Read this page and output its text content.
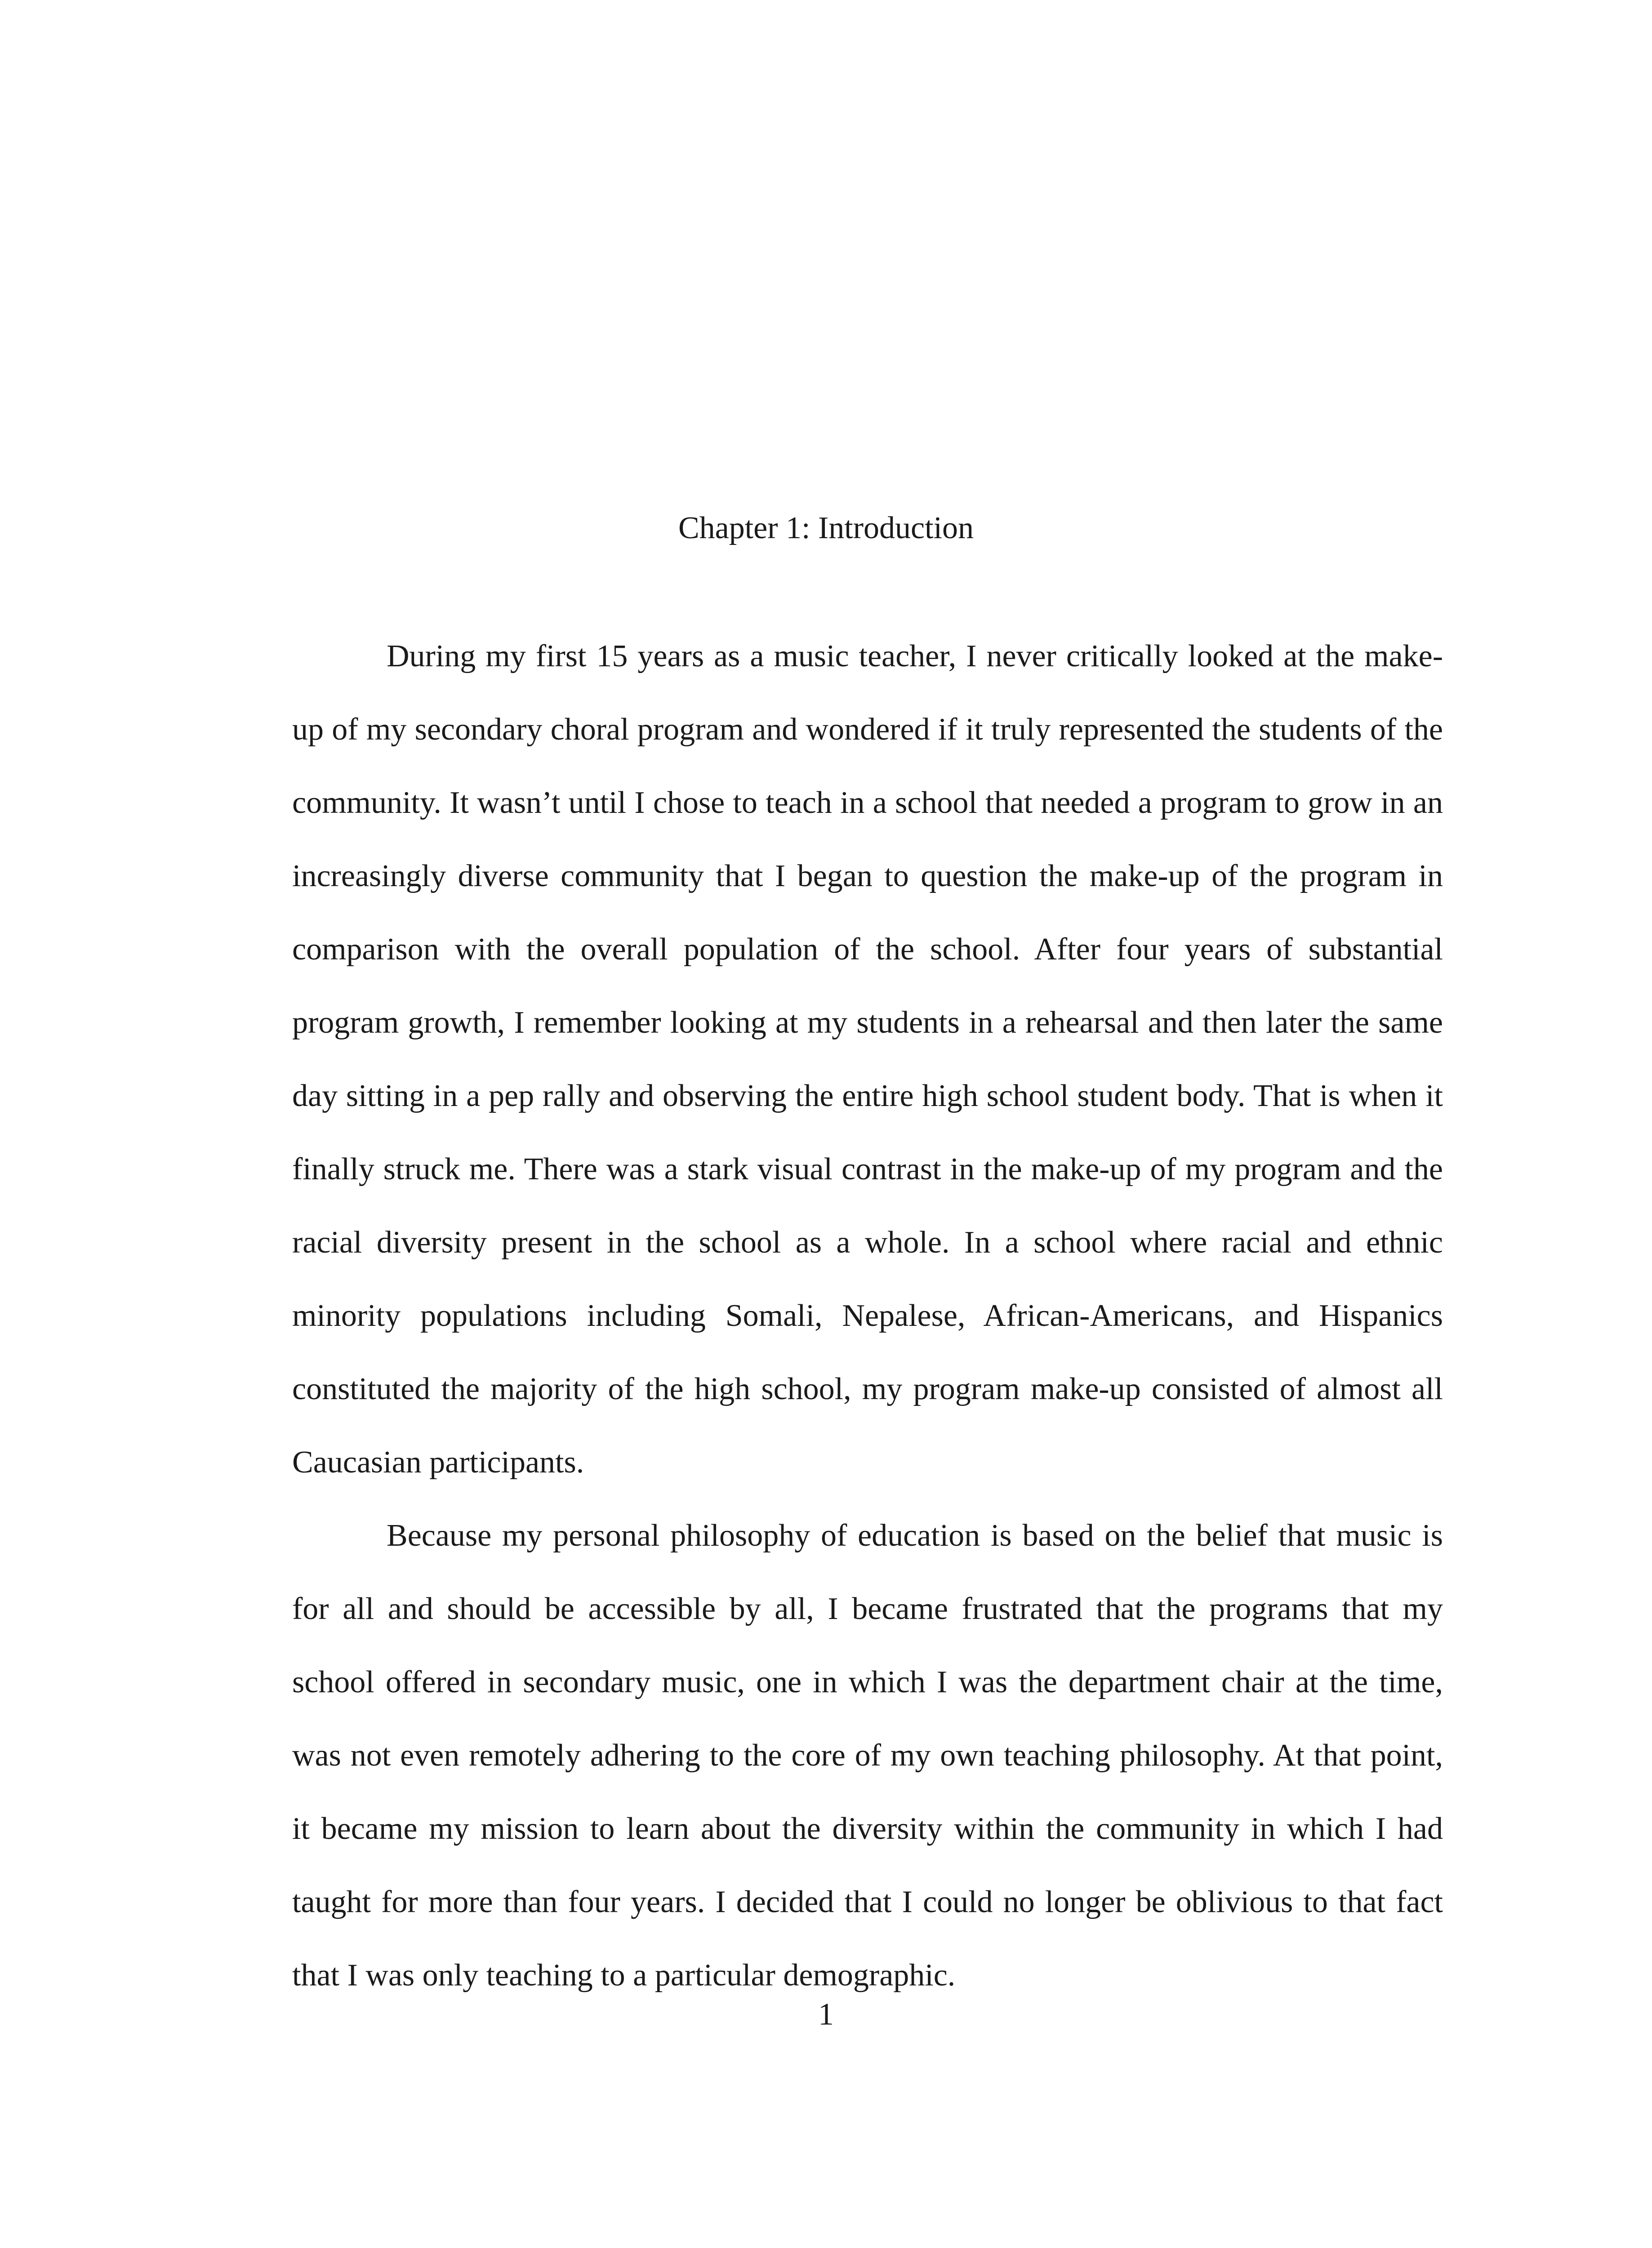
Chapter 1: Introduction

During my first 15 years as a music teacher, I never critically looked at the make-up of my secondary choral program and wondered if it truly represented the students of the community. It wasn’t until I chose to teach in a school that needed a program to grow in an increasingly diverse community that I began to question the make-up of the program in comparison with the overall population of the school. After four years of substantial program growth, I remember looking at my students in a rehearsal and then later the same day sitting in a pep rally and observing the entire high school student body. That is when it finally struck me. There was a stark visual contrast in the make-up of my program and the racial diversity present in the school as a whole. In a school where racial and ethnic minority populations including Somali, Nepalese, African-Americans, and Hispanics constituted the majority of the high school, my program make-up consisted of almost all Caucasian participants.

Because my personal philosophy of education is based on the belief that music is for all and should be accessible by all, I became frustrated that the programs that my school offered in secondary music, one in which I was the department chair at the time, was not even remotely adhering to the core of my own teaching philosophy. At that point, it became my mission to learn about the diversity within the community in which I had taught for more than four years. I decided that I could no longer be oblivious to that fact that I was only teaching to a particular demographic.

1
